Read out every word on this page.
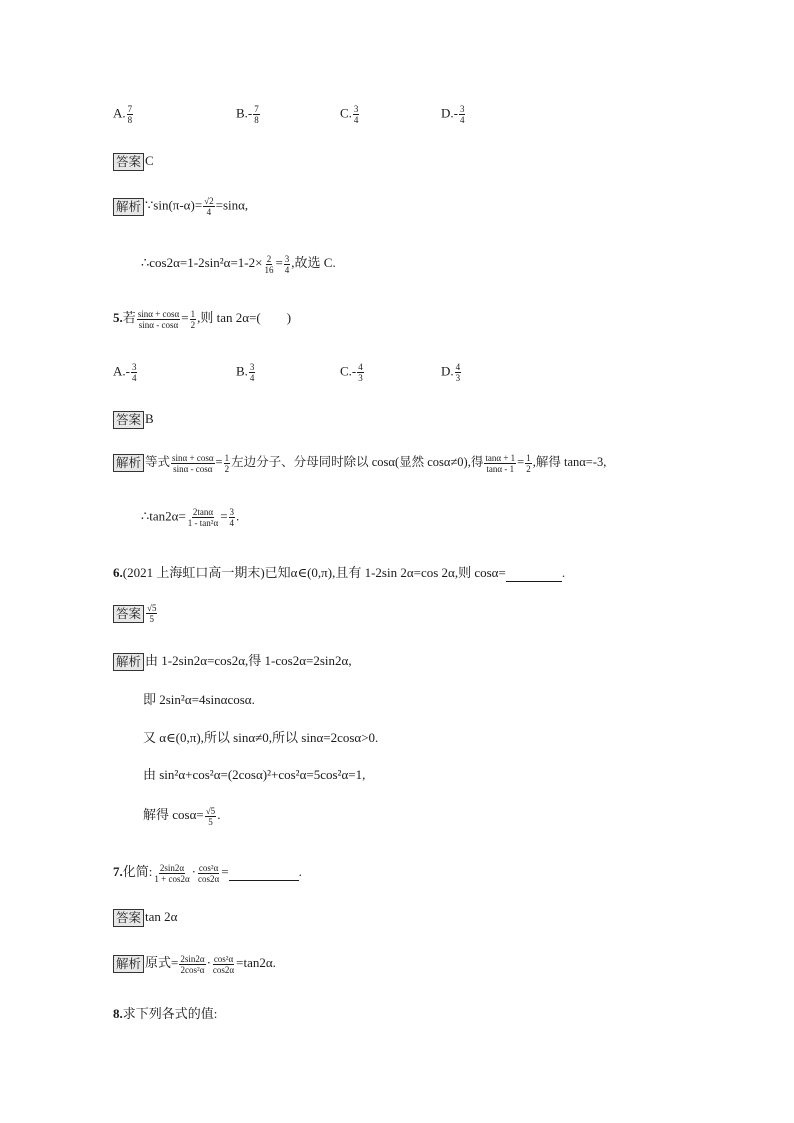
A. $\frac{7}{8}$	$B.- \frac{7}{8}$	C. $\frac{3}{4}$	$D.- \frac{3}{4}$
答案 C
解析 ∵sin(π-α)= $\frac{√2}{4} =\sin\alpha$,
∴cos2α=1-2sin²α=1-2× $\frac{2}{16} = \frac{3}{4}$ ,故选 C.
5.若 $\frac{\sin\alpha + \cos\alpha}{\sin\alpha - \cos\alpha} = \frac{1}{2}$ ,则 tan 2α=(　　)
$A.- \frac{3}{4}$	B. $\frac{3}{4}$	$C.- \frac{4}{3}$	D. $\frac{4}{3}$
答案 B
解析 等式 $\frac{\sin\alpha + \cos\alpha}{\sin\alpha - \cos\alpha} = \frac{1}{2}$ 左边分子、分母同时除以 cosα(显然 cosα≠0),得 $\frac{\tan\alpha + 1}{\tan\alpha - 1} = \frac{1}{2}$ ,解得 tanα=-3,
∴tan2α= $\frac{2\tan\alpha}{\text{1 - tan²α}} = \frac{3}{4}$ .
6.(2021 上海虹口高一期末)已知α∈(0,π),且有 1-2sin 2α=cos 2α,则 cosα=	.
答案 $\frac{√5}{5}$
解析 由 1-2sin2α=cos2α,得 1-cos2α=2sin2α,
即 2sin²α=4sinαcosα.
又 α∈(0,π),所以 sinα≠0,所以 sinα=2cosα>0.
由 sin²α+cos²α=(2cosα)²+cos²α=5cos²α=1,
解得 $\cos\alpha= \frac{√5}{5}$ .
7.化简: $\frac{2\sin 2\alpha}{1 + \cos 2\alpha} \cdot \frac{\text{cos²α}}{\cos 2\alpha}$ =	.
答案 tan 2α
解析 原式= $\frac{2\sin 2\alpha}{\text{2cos²α}} \cdot \frac{\text{cos²α}}{\cos 2\alpha} =\tan 2\alpha$.
8.求下列各式的值:
